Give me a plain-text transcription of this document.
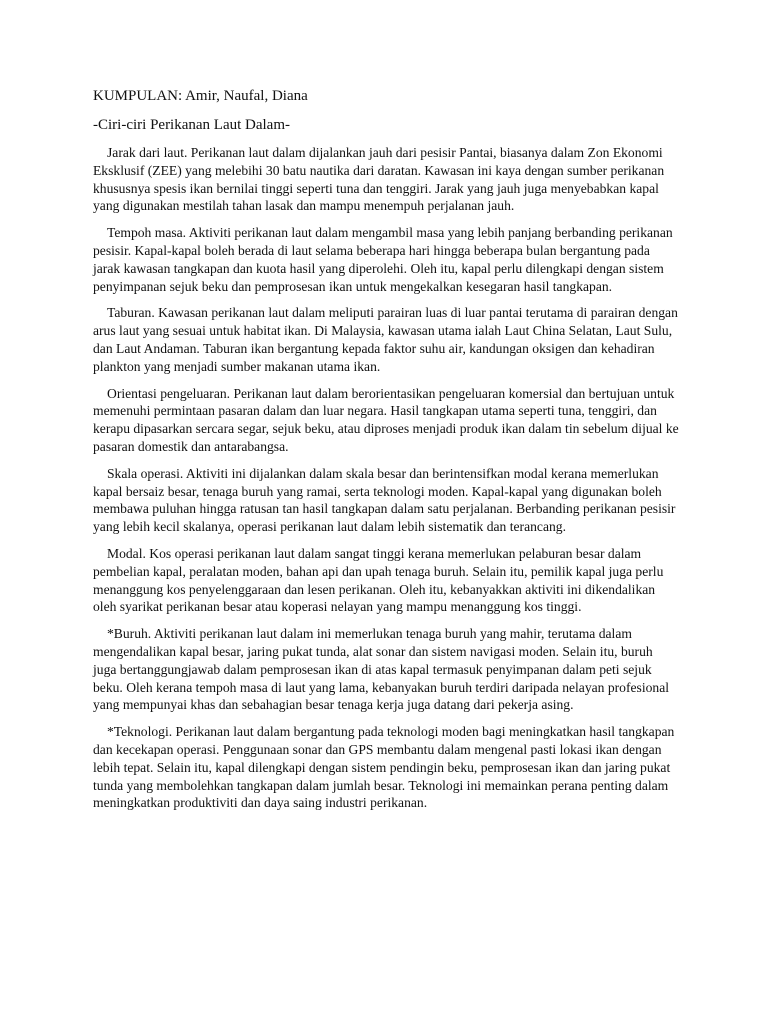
KUMPULAN: Amir, Naufal, Diana

-Ciri-ciri Perikanan Laut Dalam-

Jarak dari laut. Perikanan laut dalam dijalankan jauh dari pesisir Pantai, biasanya dalam Zon Ekonomi Eksklusif (ZEE) yang melebihi 30 batu nautika dari daratan. Kawasan ini kaya dengan sumber perikanan khususnya spesis ikan bernilai tinggi seperti tuna dan tenggiri. Jarak yang jauh juga menyebabkan kapal yang digunakan mestilah tahan lasak dan mampu menempuh perjalanan jauh.

Tempoh masa. Aktiviti perikanan laut dalam mengambil masa yang lebih panjang berbanding perikanan pesisir. Kapal-kapal boleh berada di laut selama beberapa hari hingga beberapa bulan bergantung pada jarak kawasan tangkapan dan kuota hasil yang diperolehi. Oleh itu, kapal perlu dilengkapi dengan sistem penyimpanan sejuk beku dan pemprosesan ikan untuk mengekalkan kesegaran hasil tangkapan.

Taburan. Kawasan perikanan laut dalam meliputi parairan luas di luar pantai terutama di parairan dengan arus laut yang sesuai untuk habitat ikan. Di Malaysia, kawasan utama ialah Laut China Selatan, Laut Sulu, dan Laut Andaman. Taburan ikan bergantung kepada faktor suhu air, kandungan oksigen dan kehadiran plankton yang menjadi sumber makanan utama ikan.

Orientasi pengeluaran. Perikanan laut dalam berorientasikan pengeluaran komersial dan bertujuan untuk memenuhi permintaan pasaran dalam dan luar negara. Hasil tangkapan utama seperti tuna, tenggiri, dan kerapu dipasarkan sercara segar, sejuk beku, atau diproses menjadi produk ikan dalam tin sebelum dijual ke pasaran domestik dan antarabangsa.

Skala operasi. Aktiviti ini dijalankan dalam skala besar dan berintensifkan modal kerana memerlukan kapal bersaiz besar, tenaga buruh yang ramai, serta teknologi moden. Kapal-kapal yang digunakan boleh membawa puluhan hingga ratusan tan hasil tangkapan dalam satu perjalanan. Berbanding perikanan pesisir yang lebih kecil skalanya, operasi perikanan laut dalam lebih sistematik dan terancang.

Modal. Kos operasi perikanan laut dalam sangat tinggi kerana memerlukan pelaburan besar dalam pembelian kapal, peralatan moden, bahan api dan upah tenaga buruh. Selain itu, pemilik kapal juga perlu menanggung kos penyelenggaraan dan lesen perikanan. Oleh itu, kebanyakkan aktiviti ini dikendalikan oleh syarikat perikanan besar atau koperasi nelayan yang mampu menanggung kos tinggi.

*Buruh. Aktiviti perikanan laut dalam ini memerlukan tenaga buruh yang mahir, terutama dalam mengendalikan kapal besar, jaring pukat tunda, alat sonar dan sistem navigasi moden. Selain itu, buruh juga bertanggungjawab dalam pemprosesan ikan di atas kapal termasuk penyimpanan dalam peti sejuk beku. Oleh kerana tempoh masa di laut yang lama, kebanyakan buruh terdiri daripada nelayan profesional yang mempunyai khas dan sebahagian besar tenaga kerja juga datang dari pekerja asing.

*Teknologi. Perikanan laut dalam bergantung pada teknologi moden bagi meningkatkan hasil tangkapan dan kecekapan operasi. Penggunaan sonar dan GPS membantu dalam mengenal pasti lokasi ikan dengan lebih tepat. Selain itu, kapal dilengkapi dengan sistem pendingin beku, pemprosesan ikan dan jaring pukat tunda yang membolehkan tangkapan dalam jumlah besar. Teknologi ini memainkan perana penting dalam meningkatkan produktiviti dan daya saing industri perikanan.
